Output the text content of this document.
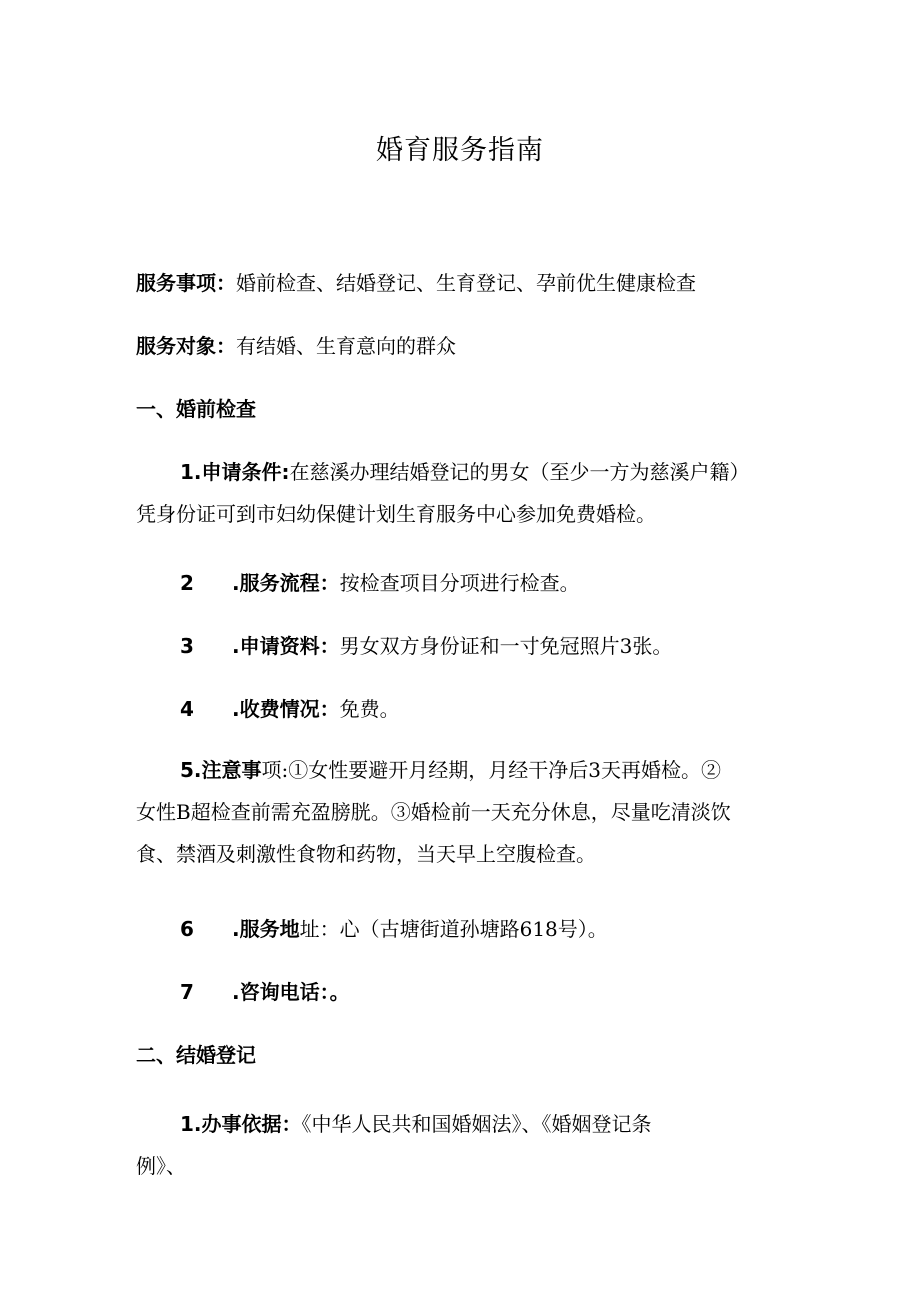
婚育服务指南
服务事项：婚前检查、结婚登记、生育登记、孕前优生健康检查
服务对象：有结婚、生育意向的群众
一、婚前检查
1.申请条件:在慈溪办理结婚登记的男女（至少一方为慈溪户籍）
凭身份证可到市妇幼保健计划生育服务中心参加免费婚检。
2 .服务流程：按检查项目分项进行检查。
3 .申请资料：男女双方身份证和一寸免冠照片3张。
4 .收费情况：免费。
5.注意事项:①女性要避开月经期，月经干净后3天再婚检。②
女性B超检查前需充盈膀胱。③婚检前一天充分休息，尽量吃清淡饮
食、禁酒及刺激性食物和药物，当天早上空腹检查。
6 .服务地址：心（古塘街道孙塘路618号）。
7 .咨询电话：。
二、结婚登记
1.办事依据：《中华人民共和国婚姻法》、《婚姻登记条
例》、
